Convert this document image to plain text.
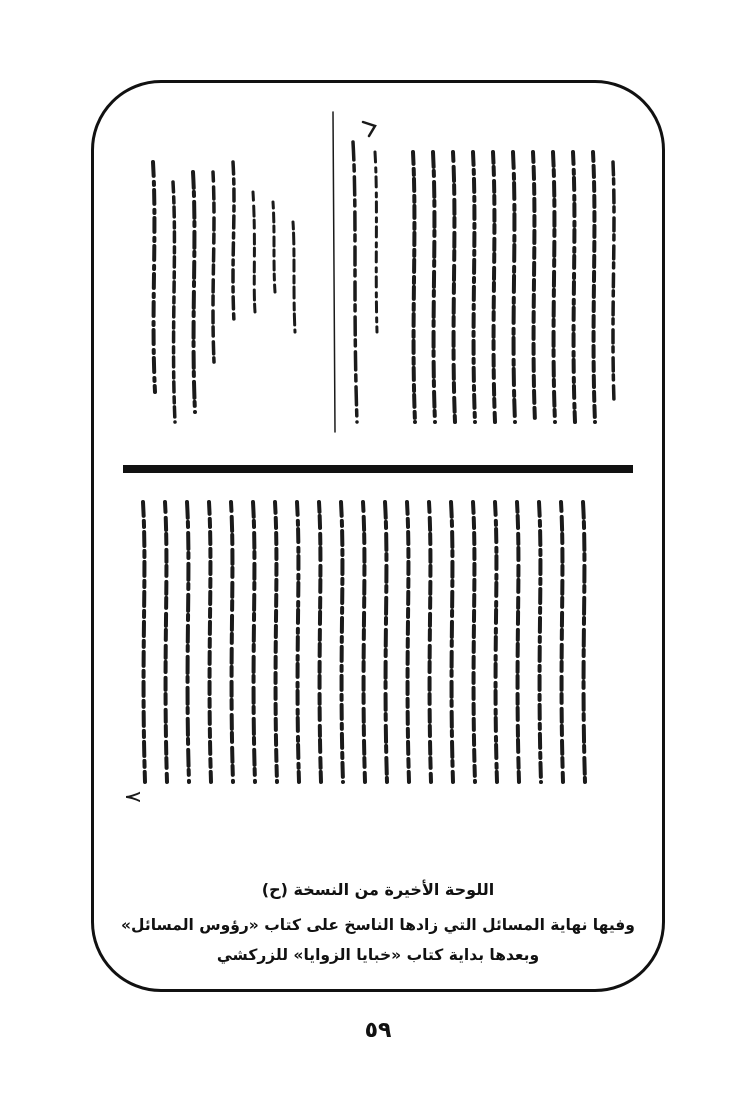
٧
اللوحة الأخيرة من النسخة (ح)
وفيها نهاية المسائل التي زادها الناسخ على كتاب «رؤوس المسائل»
وبعدها بداية كتاب «خبايا الزوايا» للزركشي
٥٩
